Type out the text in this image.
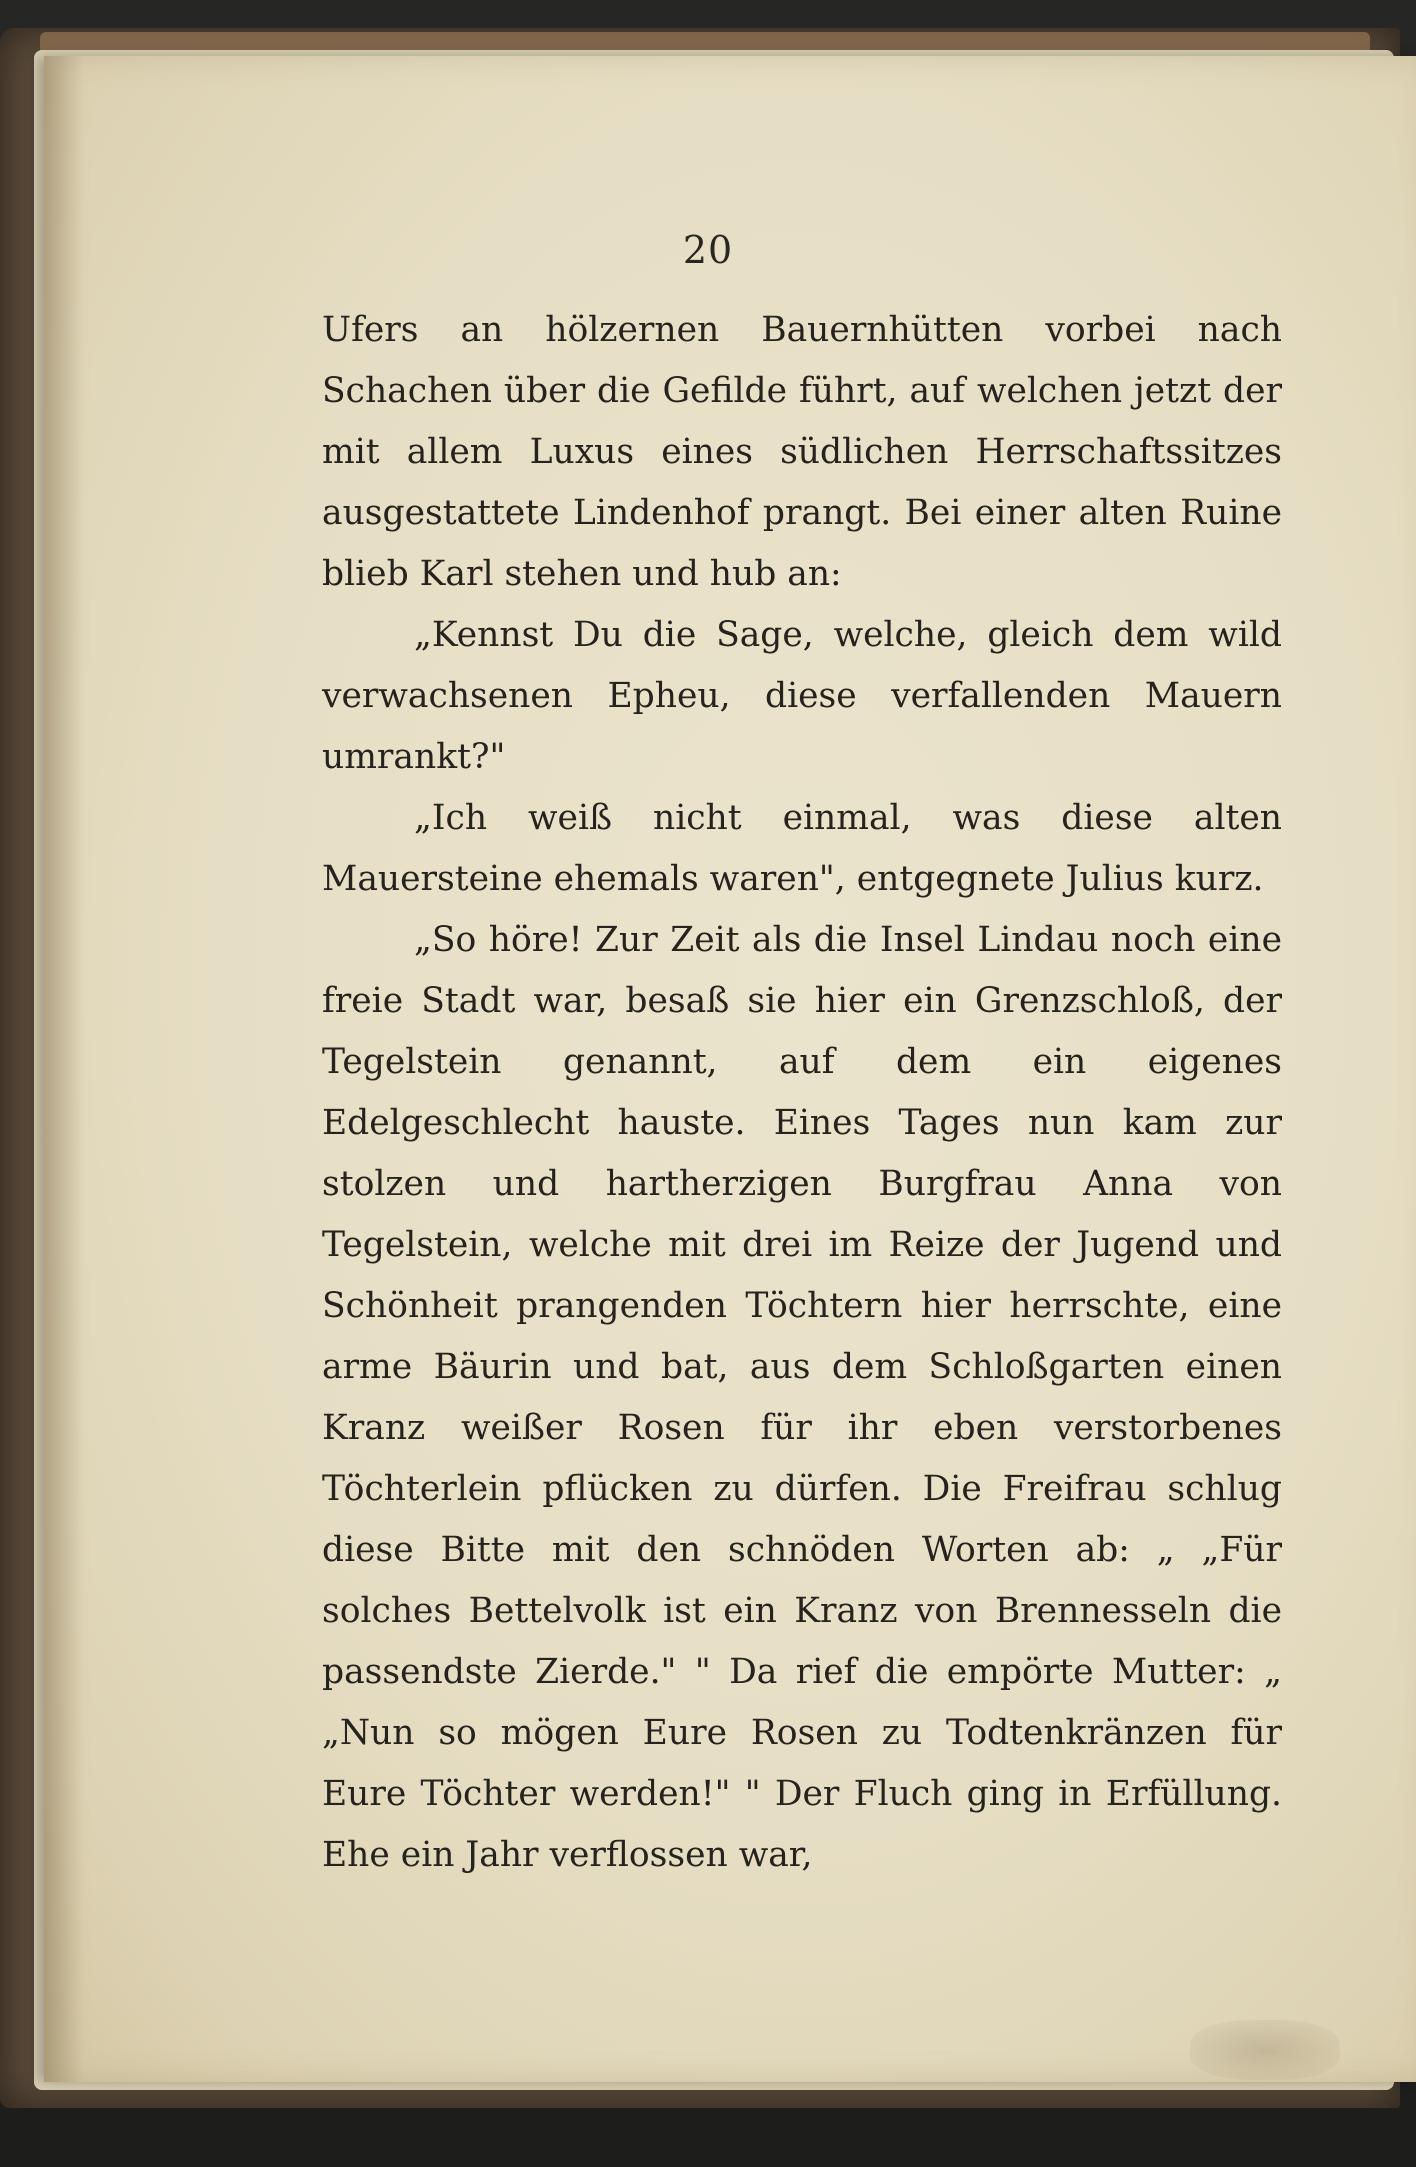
20

Ufers an hölzernen Bauernhütten vorbei nach Schachen über die Gefilde führt, auf welchen jetzt der mit allem Luxus eines südlichen Herrschaftssitzes ausgestattete Lindenhof prangt. Bei einer alten Ruine blieb Karl stehen und hub an:

„Kennst Du die Sage, welche, gleich dem wild verwachsenen Epheu, diese verfallenden Mauern umrankt?"

„Ich weiß nicht einmal, was diese alten Mauersteine ehemals waren", entgegnete Julius kurz.

„So höre! Zur Zeit als die Insel Lindau noch eine freie Stadt war, besaß sie hier ein Grenzschloß, der Tegelstein genannt, auf dem ein eigenes Edelgeschlecht hauste. Eines Tages nun kam zur stolzen und hartherzigen Burgfrau Anna von Tegelstein, welche mit drei im Reize der Jugend und Schönheit prangenden Töchtern hier herrschte, eine arme Bäurin und bat, aus dem Schloßgarten einen Kranz weißer Rosen für ihr eben verstorbenes Töchterlein pflücken zu dürfen. Die Freifrau schlug diese Bitte mit den schnöden Worten ab: „ „Für solches Bettelvolk ist ein Kranz von Brennesseln die passendste Zierde." " Da rief die empörte Mutter: „ „Nun so mögen Eure Rosen zu Todtenkränzen für Eure Töchter werden!" " Der Fluch ging in Erfüllung. Ehe ein Jahr verflossen war,
